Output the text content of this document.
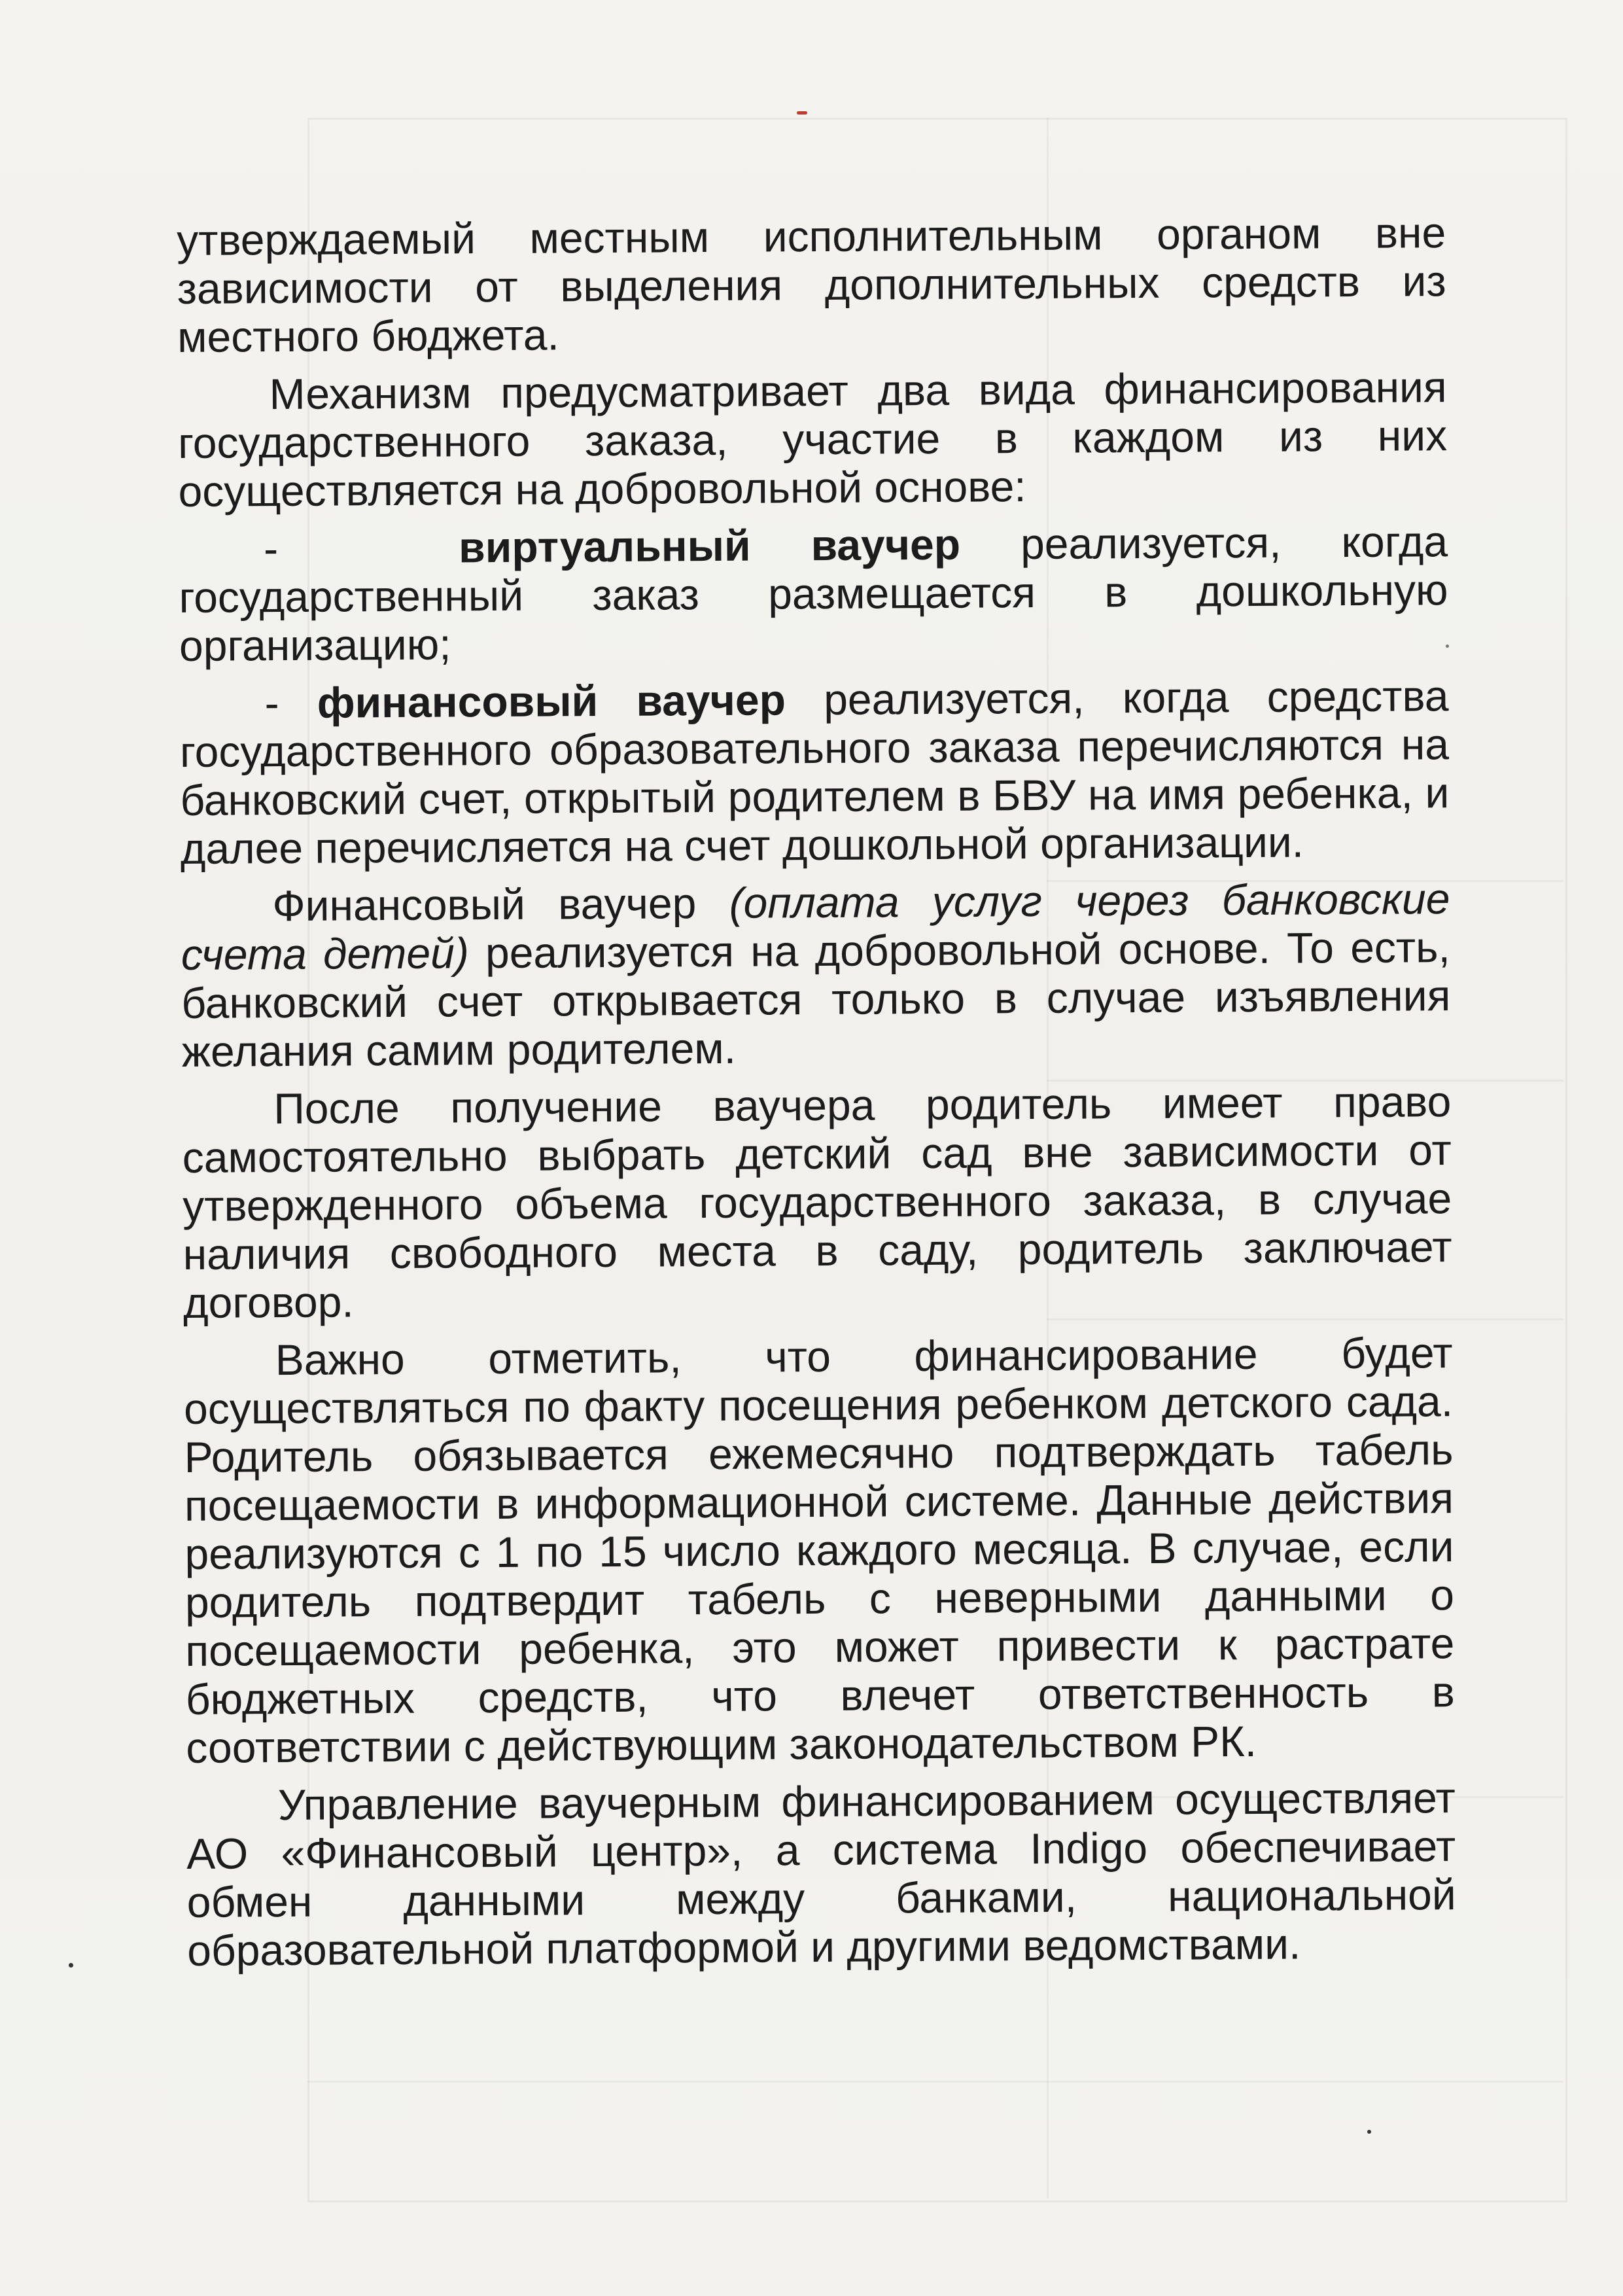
утверждаемый местным исполнительным органом вне зависимости от выделения дополнительных средств из местного бюджета.

Механизм предусматривает два вида финансирования государственного заказа, участие в каждом из них осуществляется на добровольной основе:

-	виртуальный ваучер реализуется, когда государственный заказ размещается в дошкольную организацию;

- финансовый ваучер реализуется, когда средства государственного образовательного заказа перечисляются на банковский счет, открытый родителем в БВУ на имя ребенка, и далее перечисляется на счет дошкольной организации.

Финансовый ваучер (оплата услуг через банковские счета детей) реализуется на добровольной основе. То есть, банковский счет открывается только в случае изъявления желания самим родителем.

После получение ваучера родитель имеет право самостоятельно выбрать детский сад вне зависимости от утвержденного объема государственного заказа, в случае наличия свободного места в саду, родитель заключает договор.

Важно отметить, что финансирование будет осуществляться по факту посещения ребенком детского сада. Родитель обязывается ежемесячно подтверждать табель посещаемости в информационной системе. Данные действия реализуются с 1 по 15 число каждого месяца. В случае, если родитель подтвердит табель с неверными данными о посещаемости ребенка, это может привести к растрате бюджетных средств, что влечет ответственность в соответствии с действующим законодательством РК.

Управление ваучерным финансированием осуществляет АО «Финансовый центр», а система Indigo обеспечивает обмен данными между банками, национальной образовательной платформой и другими ведомствами.
